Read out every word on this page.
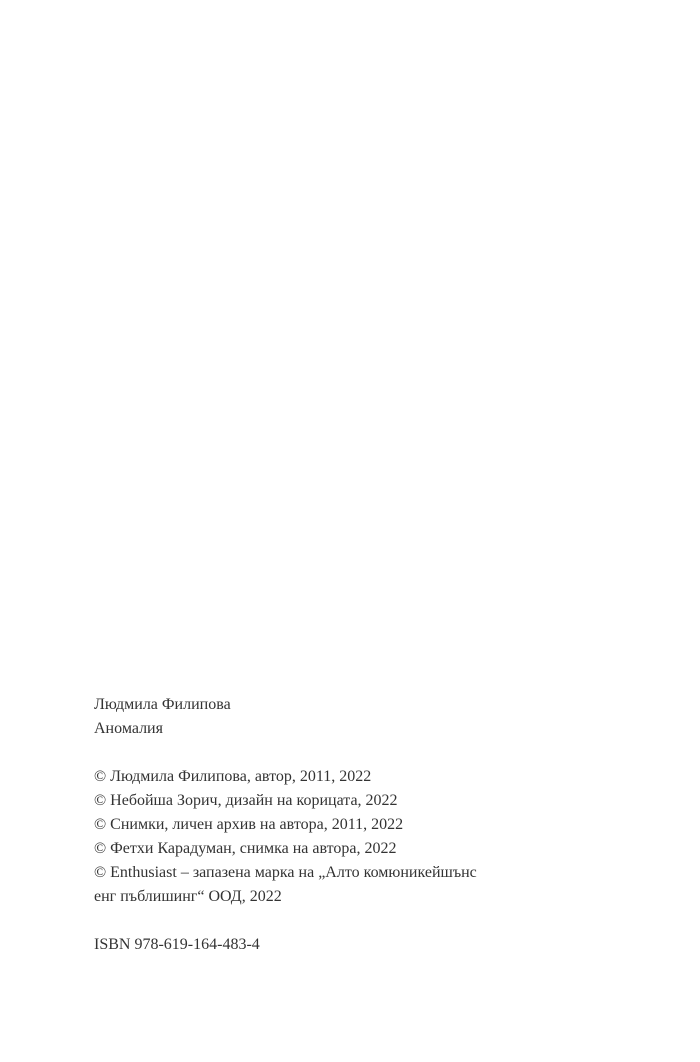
Людмила Филипова

Аномалия

© Людмила Филипова, автор, 2011, 2022

© Небойша Зорич, дизайн на корицата, 2022

© Снимки, личен архив на автора, 2011, 2022

© Фетхи Карадуман, снимка на автора, 2022

© Enthusiast – запазена марка на „Алто комюникейшънс

енг пъблишинг“ ООД, 2022

ISBN 978-619-164-483-4
